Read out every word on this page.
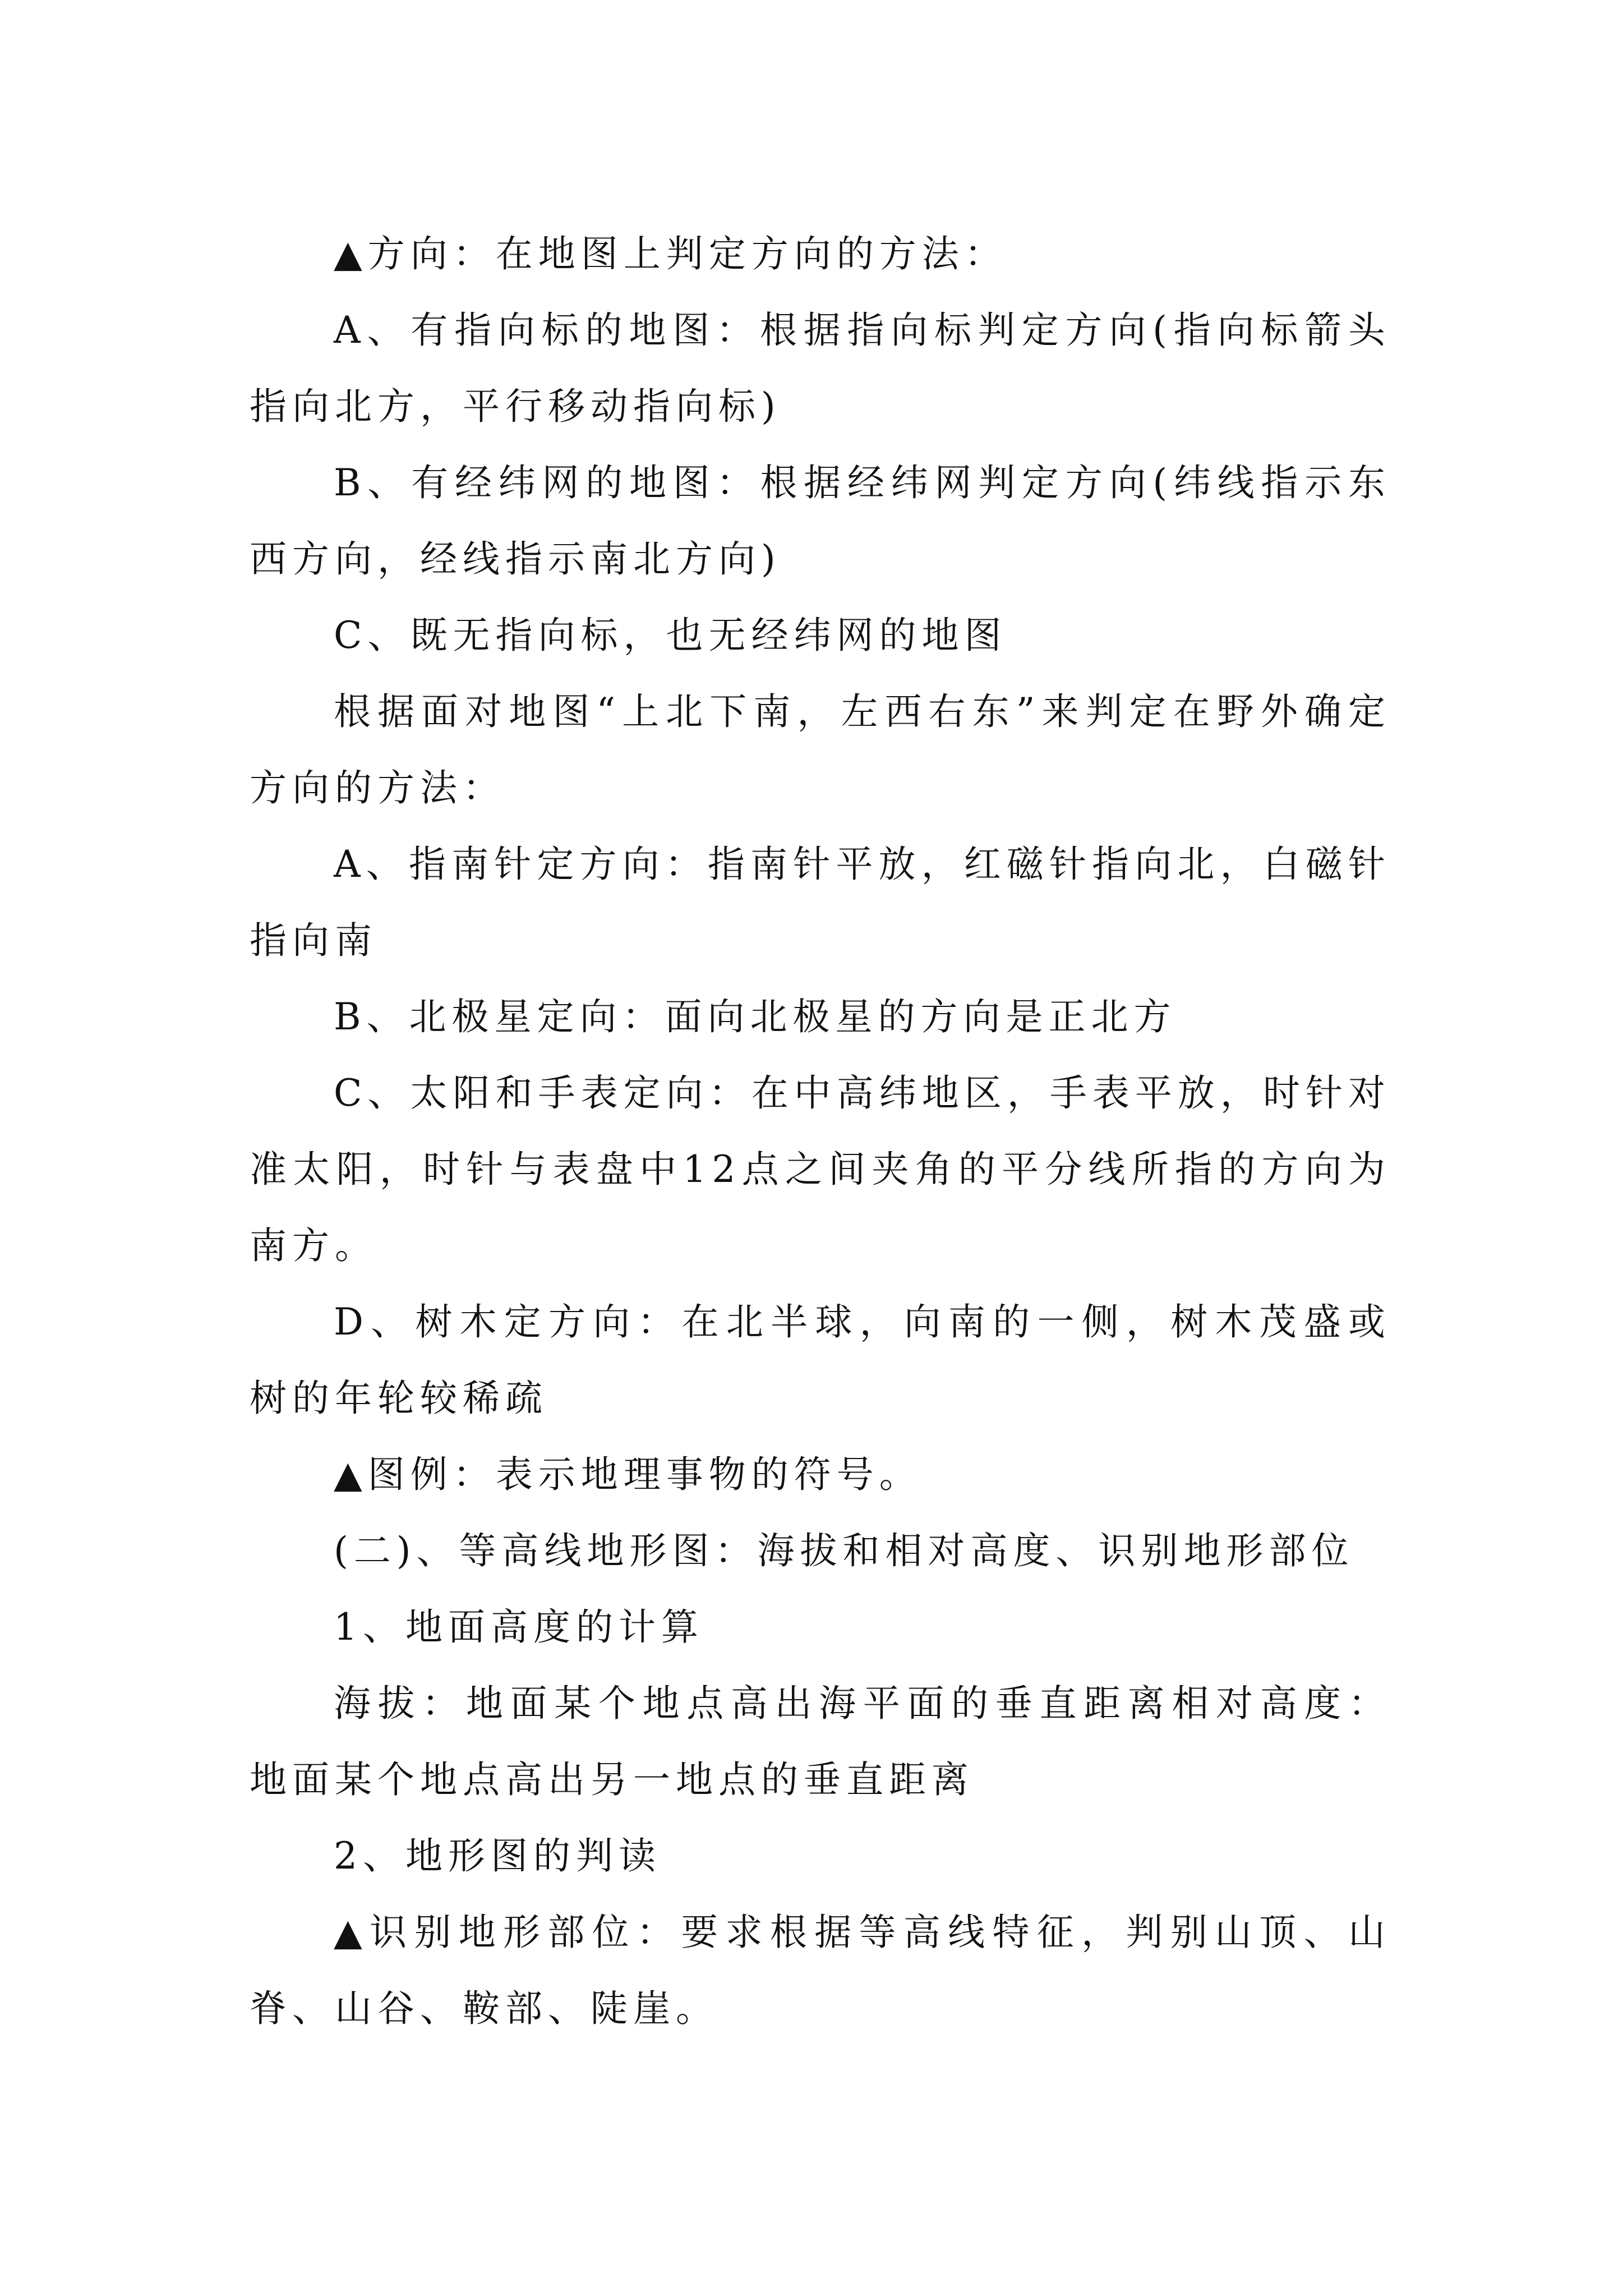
▲方向：在地图上判定方向的方法：

A、有指向标的地图：根据指向标判定方向(指向标箭头指向北方，平行移动指向标)

B、有经纬网的地图：根据经纬网判定方向(纬线指示东西方向，经线指示南北方向)

C、既无指向标，也无经纬网的地图

根据面对地图“上北下南，左西右东”来判定在野外确定方向的方法：

A、指南针定方向：指南针平放，红磁针指向北，白磁针指向南

B、北极星定向：面向北极星的方向是正北方

C、太阳和手表定向：在中高纬地区，手表平放，时针对准太阳，时针与表盘中12点之间夹角的平分线所指的方向为南方。

D、树木定方向：在北半球，向南的一侧，树木茂盛或树的年轮较稀疏

▲图例：表示地理事物的符号。

(二)、等高线地形图：海拔和相对高度、识别地形部位

1、地面高度的计算

海拔：地面某个地点高出海平面的垂直距离相对高度：地面某个地点高出另一地点的垂直距离

2、地形图的判读

▲识别地形部位：要求根据等高线特征，判别山顶、山脊、山谷、鞍部、陡崖。
